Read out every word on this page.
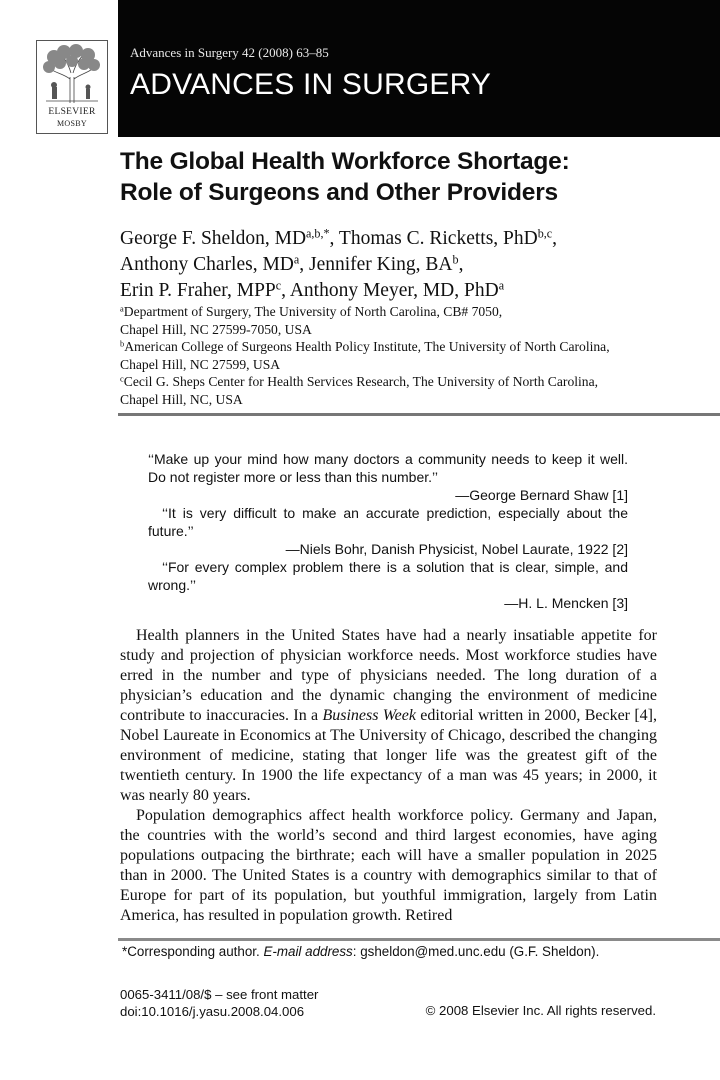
ELSEVIER
MOSBY
Advances in Surgery 42 (2008) 63–85
ADVANCES IN SURGERY
The Global Health Workforce Shortage:
Role of Surgeons and Other Providers
George F. Sheldon, $MD^{a,b,*}$, Thomas C. Ricketts, PhD$^{b,c}$,
Anthony Charles, $MD^a$, Jennifer King, $BA^b$,
Erin P. Fraher, MPP$^c$, Anthony Meyer, MD, PhD$^a$
$^a$Department of Surgery, The University of North Carolina, CB# 7050,
Chapel Hill, NC 27599-7050, USA
$^b$American College of Surgeons Health Policy Institute, The University of North Carolina,
Chapel Hill, NC 27599, USA
$^c$Cecil G. Sheps Center for Health Services Research, The University of North Carolina,
Chapel Hill, NC, USA
‘‘Make up your mind how many doctors a community needs to keep it well. Do not register more or less than this number.’’
—George Bernard Shaw [1]
‘‘It is very difficult to make an accurate prediction, especially about the future.’’
—Niels Bohr, Danish Physicist, Nobel Laurate, 1922 [2]
‘‘For every complex problem there is a solution that is clear, simple, and wrong.’’
—H. L. Mencken [3]

Health planners in the United States have had a nearly insatiable appetite for study and projection of physician workforce needs. Most workforce studies have erred in the number and type of physicians needed. The long duration of a physician’s education and the dynamic changing the environment of medicine contribute to inaccuracies. In a Business Week editorial written in 2000, Becker [4], Nobel Laureate in Economics at The University of Chicago, described the changing environment of medicine, stating that longer life was the greatest gift of the twentieth century. In 1900 the life expectancy of a man was 45 years; in 2000, it was nearly 80 years.

Population demographics affect health workforce policy. Germany and Japan, the countries with the world’s second and third largest economies, have aging populations outpacing the birthrate; each will have a smaller population in 2025 than in 2000. The United States is a country with demographics similar to that of Europe for part of its population, but youthful immigration, largely from Latin America, has resulted in population growth. Retired

*Corresponding author. E-mail address: gsheldon@med.unc.edu (G.F. Sheldon).
0065-3411/08/$ – see front matter
doi:10.1016/j.yasu.2008.04.006	© 2008 Elsevier Inc. All rights reserved.
